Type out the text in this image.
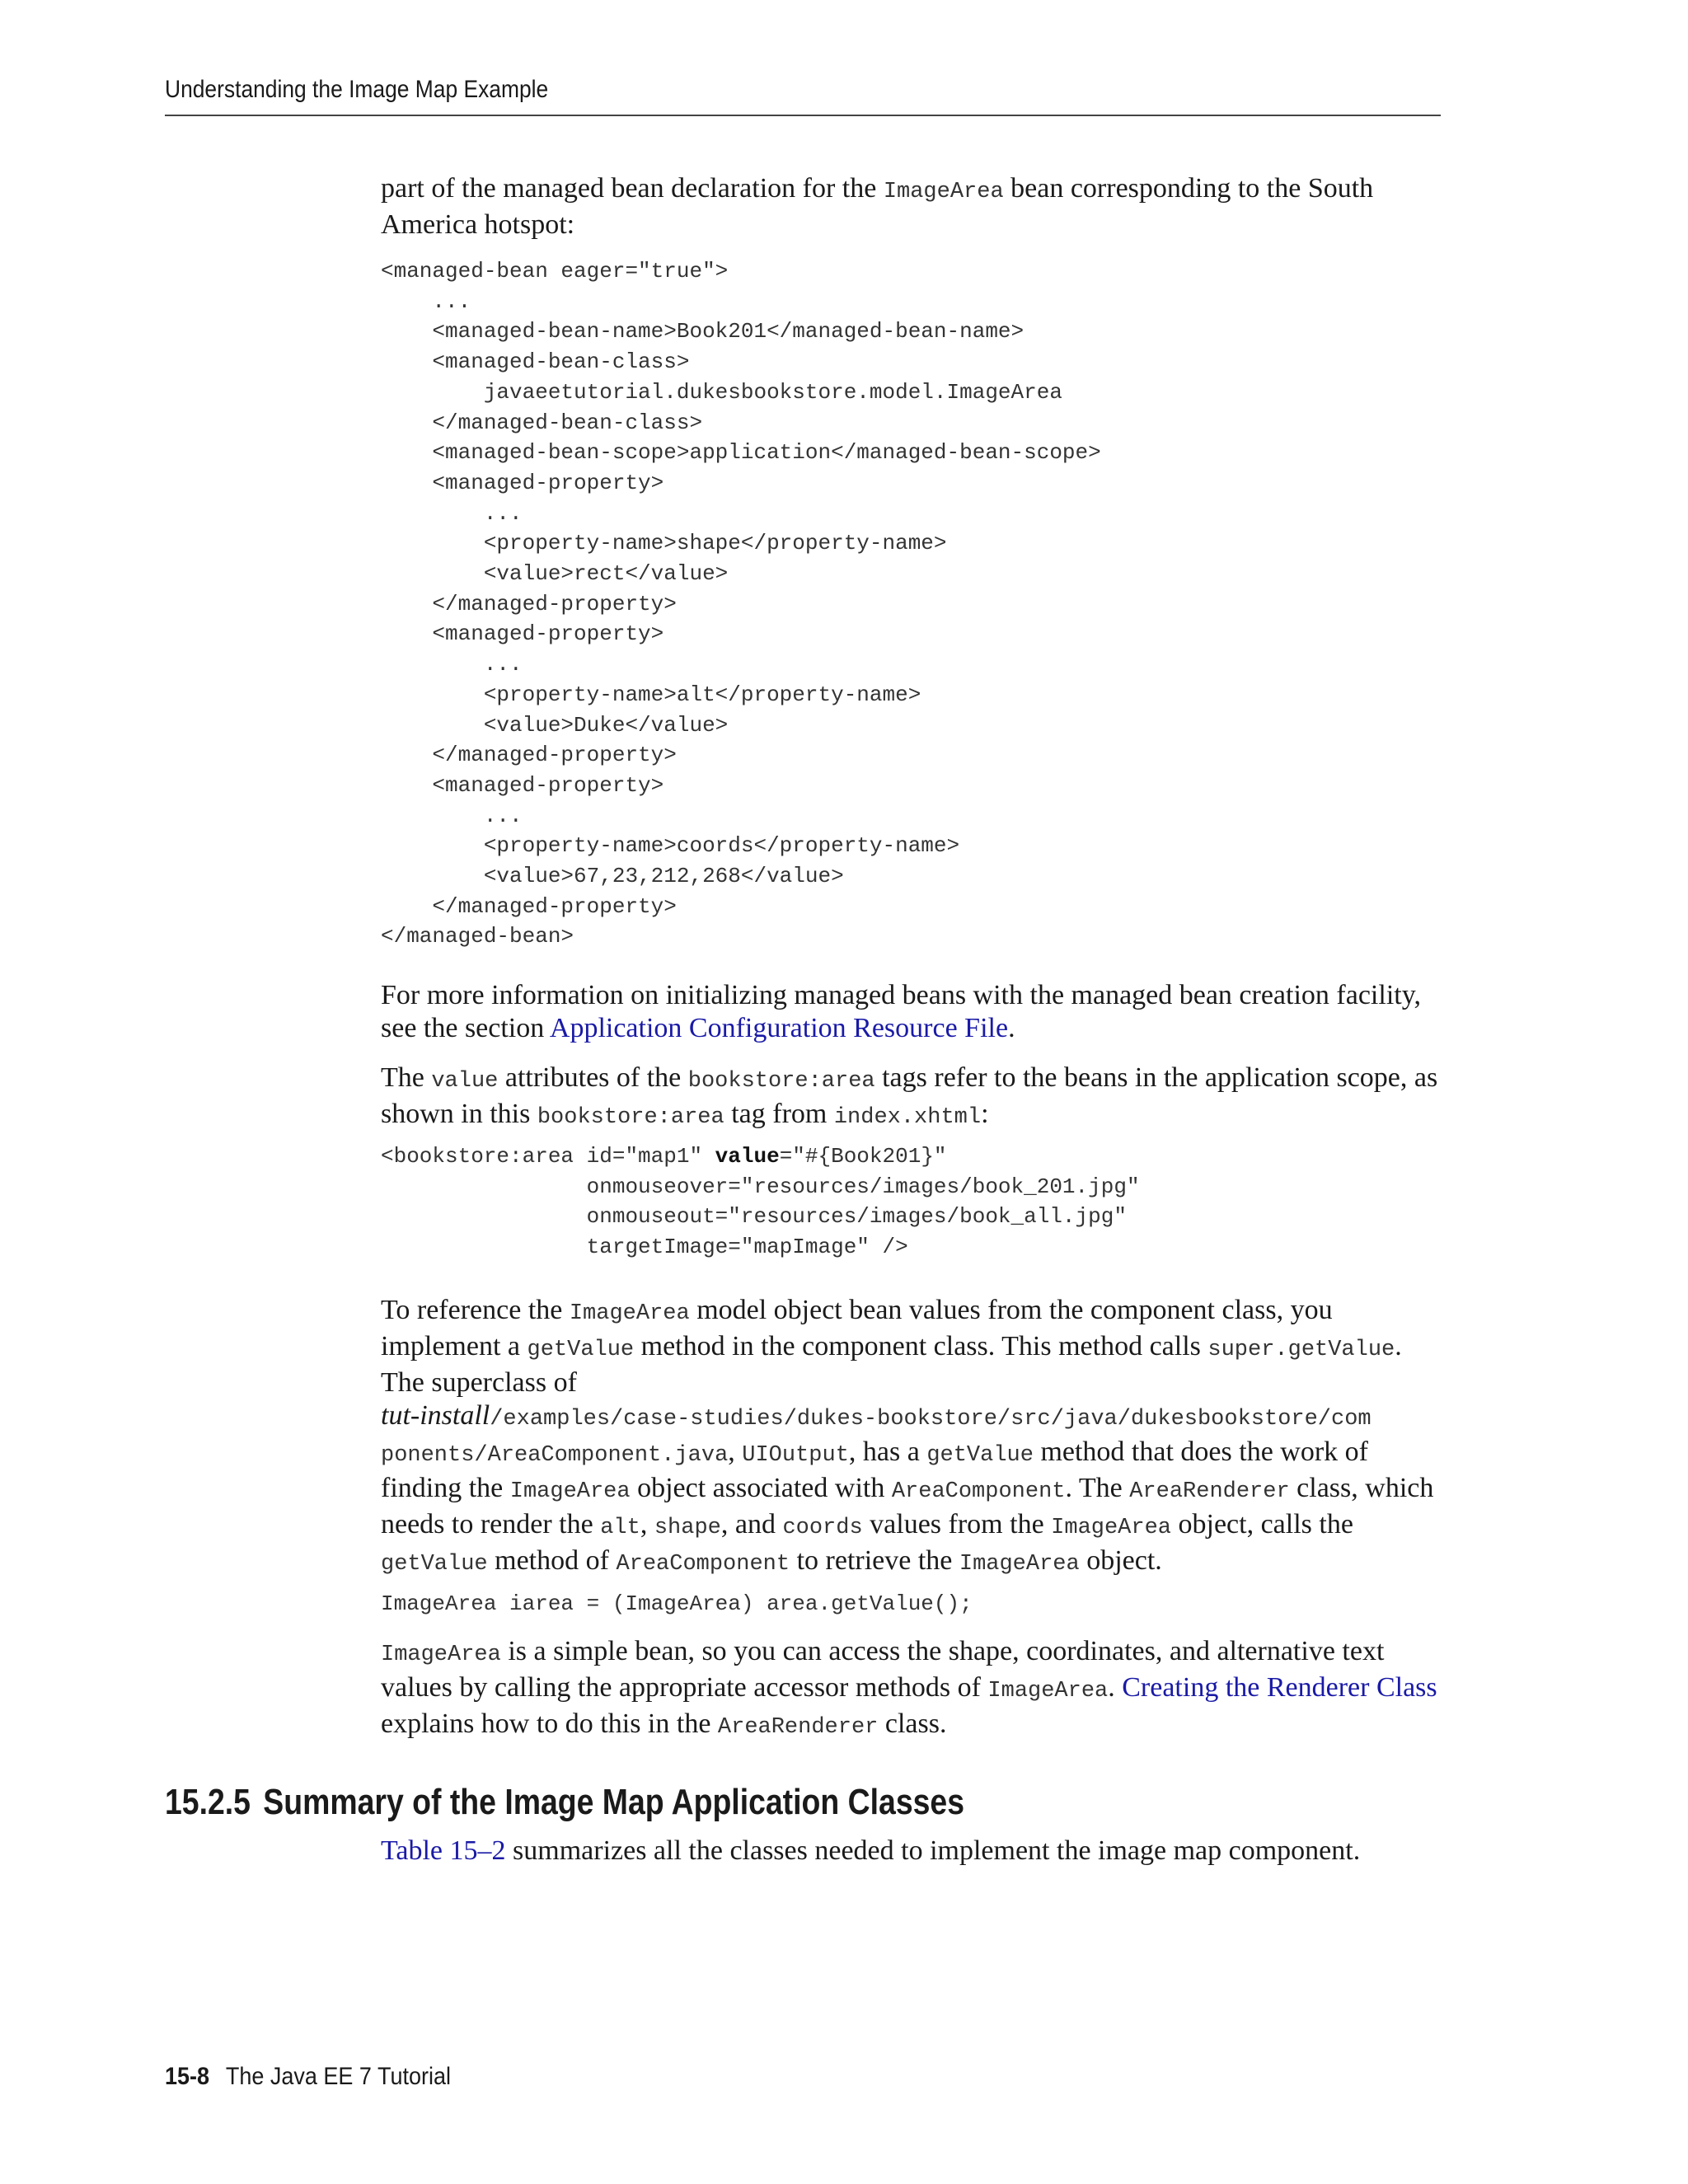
Understanding the Image Map Example

part of the managed bean declaration for the ImageArea bean corresponding to the South America hotspot:

<managed-bean eager="true">
...
<managed-bean-name>Book201</managed-bean-name>
<managed-bean-class>
javaeetutorial.dukesbookstore.model.ImageArea
</managed-bean-class>
<managed-bean-scope>application</managed-bean-scope>
<managed-property>
...
<property-name>shape</property-name>
<value>rect</value>
</managed-property>
<managed-property>
...
<property-name>alt</property-name>
<value>Duke</value>
</managed-property>
<managed-property>
...
<property-name>coords</property-name>
<value>67,23,212,268</value>
</managed-property>
</managed-bean>

For more information on initializing managed beans with the managed bean creation facility, see the section Application Configuration Resource File.

The value attributes of the bookstore:area tags refer to the beans in the application scope, as shown in this bookstore:area tag from index.xhtml:

<bookstore:area id="map1" value="#{Book201}"
onmouseover="resources/images/book_201.jpg"
onmouseout="resources/images/book_all.jpg"
targetImage="mapImage" />

To reference the ImageArea model object bean values from the component class, you implement a getValue method in the component class. This method calls super.getValue. The superclass of
tut-install/examples/case-studies/dukes-bookstore/src/java/dukesbookstore/com ponents/AreaComponent.java, UIOutput, has a getValue method that does the work of finding the ImageArea object associated with AreaComponent. The AreaRenderer class, which needs to render the alt, shape, and coords values from the ImageArea object, calls the getValue method of AreaComponent to retrieve the ImageArea object.

ImageArea iarea = (ImageArea) area.getValue();

ImageArea is a simple bean, so you can access the shape, coordinates, and alternative text values by calling the appropriate accessor methods of ImageArea. Creating the Renderer Class explains how to do this in the AreaRenderer class.

15.2.5 Summary of the Image Map Application Classes

Table 15–2 summarizes all the classes needed to implement the image map component.

15-8 The Java EE 7 Tutorial
